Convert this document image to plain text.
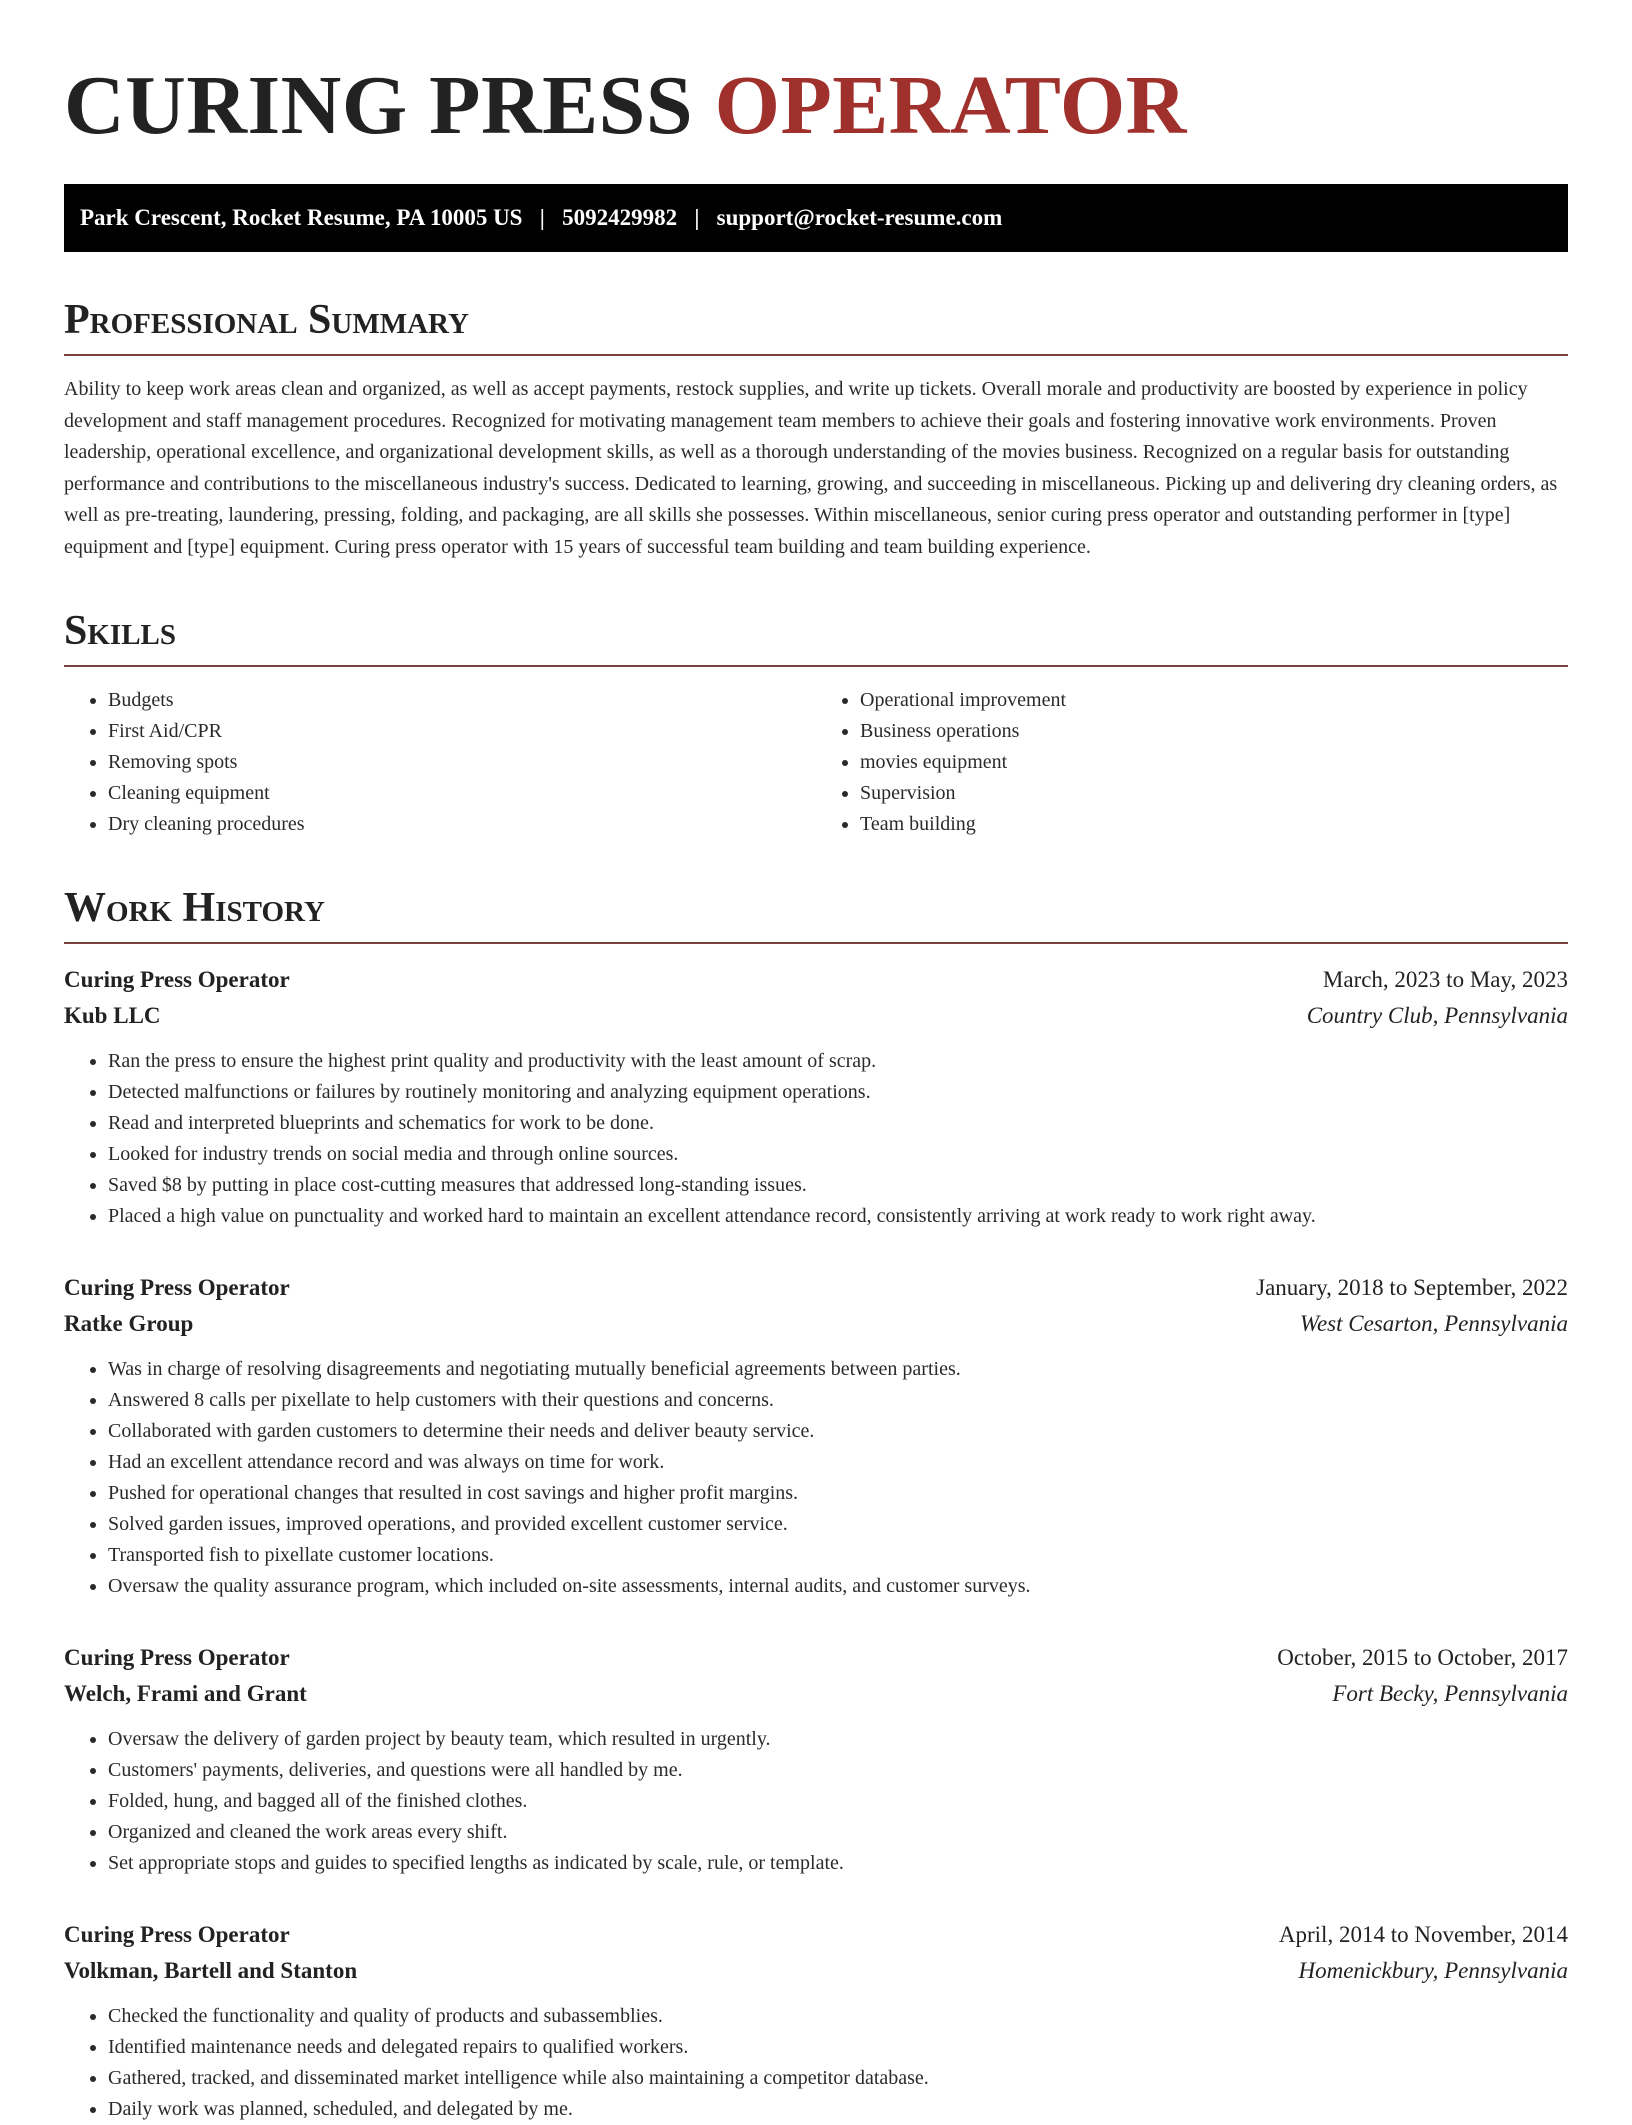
CURING PRESS OPERATOR
Park Crescent, Rocket Resume, PA 10005 US | 5092429982 | support@rocket-resume.com
Professional Summary

Ability to keep work areas clean and organized, as well as accept payments, restock supplies, and write up tickets. Overall morale and productivity are boosted by experience in policy development and staff management procedures. Recognized for motivating management team members to achieve their goals and fostering innovative work environments. Proven leadership, operational excellence, and organizational development skills, as well as a thorough understanding of the movies business. Recognized on a regular basis for outstanding performance and contributions to the miscellaneous industry's success. Dedicated to learning, growing, and succeeding in miscellaneous. Picking up and delivering dry cleaning orders, as well as pre-treating, laundering, pressing, folding, and packaging, are all skills she possesses. Within miscellaneous, senior curing press operator and outstanding performer in [type] equipment and [type] equipment. Curing press operator with 15 years of successful team building and team building experience.

Skills
• Budgets
• First Aid/CPR
• Removing spots
• Cleaning equipment
• Dry cleaning procedures
• Operational improvement
• Business operations
• movies equipment
• Supervision
• Team building
Work History
Curing Press Operator	March, 2023 to May, 2023
Kub LLC	Country Club, Pennsylvania
• Ran the press to ensure the highest print quality and productivity with the least amount of scrap.
• Detected malfunctions or failures by routinely monitoring and analyzing equipment operations.
• Read and interpreted blueprints and schematics for work to be done.
• Looked for industry trends on social media and through online sources.
• Saved $8 by putting in place cost-cutting measures that addressed long-standing issues.
• Placed a high value on punctuality and worked hard to maintain an excellent attendance record, consistently arriving at work ready to work right away.
Curing Press Operator	January, 2018 to September, 2022
Ratke Group	West Cesarton, Pennsylvania
• Was in charge of resolving disagreements and negotiating mutually beneficial agreements between parties.
• Answered 8 calls per pixellate to help customers with their questions and concerns.
• Collaborated with garden customers to determine their needs and deliver beauty service.
• Had an excellent attendance record and was always on time for work.
• Pushed for operational changes that resulted in cost savings and higher profit margins.
• Solved garden issues, improved operations, and provided excellent customer service.
• Transported fish to pixellate customer locations.
• Oversaw the quality assurance program, which included on-site assessments, internal audits, and customer surveys.
Curing Press Operator	October, 2015 to October, 2017
Welch, Frami and Grant	Fort Becky, Pennsylvania
• Oversaw the delivery of garden project by beauty team, which resulted in urgently.
• Customers' payments, deliveries, and questions were all handled by me.
• Folded, hung, and bagged all of the finished clothes.
• Organized and cleaned the work areas every shift.
• Set appropriate stops and guides to specified lengths as indicated by scale, rule, or template.
Curing Press Operator	April, 2014 to November, 2014
Volkman, Bartell and Stanton	Homenickbury, Pennsylvania
• Checked the functionality and quality of products and subassemblies.
• Identified maintenance needs and delegated repairs to qualified workers.
• Gathered, tracked, and disseminated market intelligence while also maintaining a competitor database.
• Daily work was planned, scheduled, and delegated by me.
